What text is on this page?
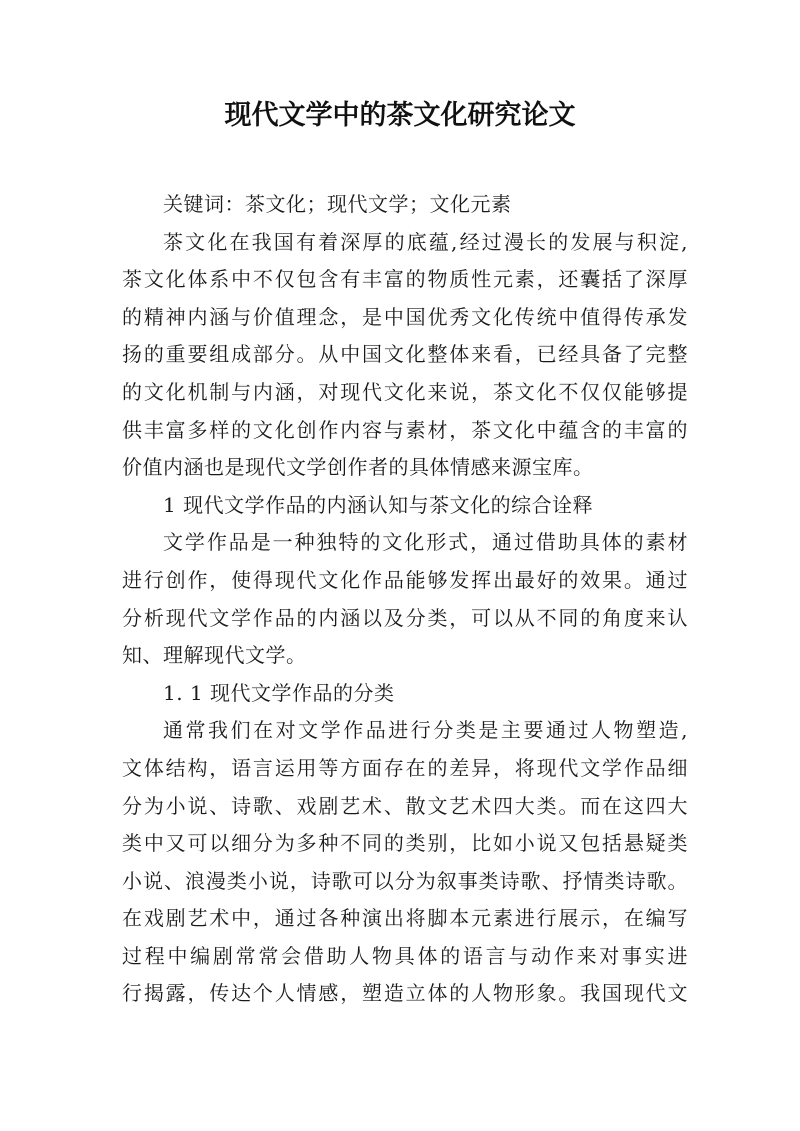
现代文学中的茶文化研究论文
关键词：茶文化；现代文学；文化元素
茶文化在我国有着深厚的底蕴,经过漫长的发展与积淀,
茶文化体系中不仅包含有丰富的物质性元素，还囊括了深厚
的精神内涵与价值理念，是中国优秀文化传统中值得传承发
扬的重要组成部分。从中国文化整体来看，已经具备了完整
的文化机制与内涵，对现代文化来说，茶文化不仅仅能够提
供丰富多样的文化创作内容与素材，茶文化中蕴含的丰富的
价值内涵也是现代文学创作者的具体情感来源宝库。
1 现代文学作品的内涵认知与茶文化的综合诠释
文学作品是一种独特的文化形式，通过借助具体的素材
进行创作，使得现代文化作品能够发挥出最好的效果。通过
分析现代文学作品的内涵以及分类，可以从不同的角度来认
知、理解现代文学。
1. 1 现代文学作品的分类
通常我们在对文学作品进行分类是主要通过人物塑造,
文体结构，语言运用等方面存在的差异，将现代文学作品细
分为小说、诗歌、戏剧艺术、散文艺术四大类。而在这四大
类中又可以细分为多种不同的类别，比如小说又包括悬疑类
小说、浪漫类小说，诗歌可以分为叙事类诗歌、抒情类诗歌。
在戏剧艺术中，通过各种演出将脚本元素进行展示，在编写
过程中编剧常常会借助人物具体的语言与动作来对事实进
行揭露，传达个人情感，塑造立体的人物形象。我国现代文
